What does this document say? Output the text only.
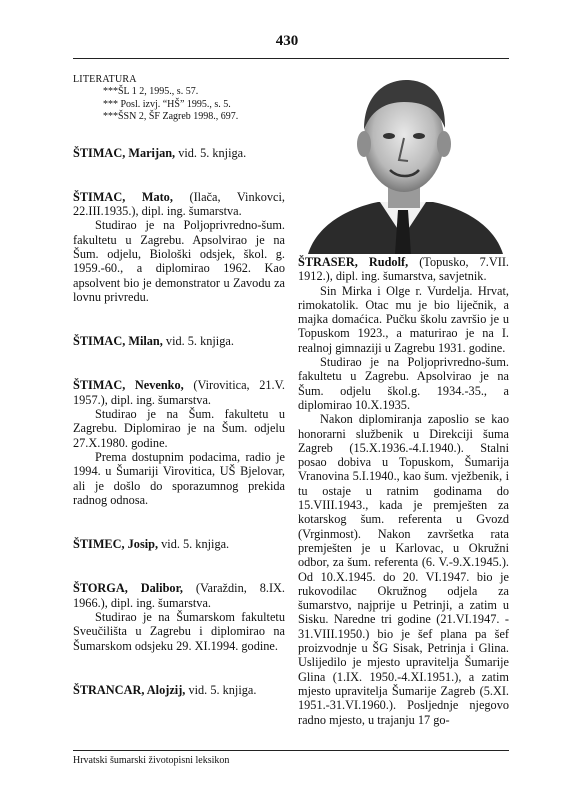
430
LITERATURA
***ŠL 1 2, 1995., s. 57.
*** Posl. izvj. “HŠ” 1995., s. 5.
***ŠSN 2, ŠF Zagreb 1998., 697.

ŠTIMAC, Marijan, vid. 5. knjiga.

ŠTIMAC, Mato, (Ilača, Vinkovci, 22.III.1935.), dipl. ing. šumarstva.

Studirao je na Poljoprivredno-šum. fakultetu u Zagrebu. Apsolvirao je na Šum. odjelu, Biološki odsjek, škol. g. 1959.-60., a diplomirao 1962. Kao apsolvent bio je demonstrator u Zavodu za lovnu privredu.

ŠTIMAC, Milan, vid. 5. knjiga.

ŠTIMAC, Nevenko, (Virovitica, 21.V. 1957.), dipl. ing. šumarstva.

Studirao je na Šum. fakultetu u Zagrebu. Diplomirao je na Šum. odjelu 27.X.1980. godine.

Prema dostupnim podacima, radio je 1994. u Šumariji Virovitica, UŠ Bjelovar, ali je došlo do sporazumnog prekida radnog odnosa.

ŠTIMEC, Josip, vid. 5. knjiga.

ŠTORGA, Dalibor, (Varaždin, 8.IX. 1966.), dipl. ing. šumarstva.

Studirao je na Šumarskom fakultetu Sveučilišta u Zagrebu i diplomirao na Šumarskom odsjeku 29. XI.1994. godine.

ŠTRANCAR, Alojzij, vid. 5. knjiga.

ŠTRASER, Rudolf, (Topusko, 7.VII. 1912.), dipl. ing. šumarstva, savjetnik.

Sin Mirka i Olge r. Vurdelja. Hrvat, rimokatolik. Otac mu je bio liječnik, a majka domaćica. Pučku školu završio je u Topuskom 1923., a maturirao je na I. realnoj gimnaziji u Zagrebu 1931. godine.

Studirao je na Poljoprivredno-šum. fakultetu u Zagrebu. Apsolvirao je na Šum. odjelu škol.g. 1934.-35., a diplomirao 10.X.1935.

Nakon diplomiranja zaposlio se kao honorarni službenik u Direkciji šuma Zagreb (15.X.1936.-4.I.1940.). Stalni posao dobiva u Topuskom, Šumarija Vranovina 5.I.1940., kao šum. vježbenik, i tu ostaje u ratnim godinama do 15.VIII.1943., kada je premješten za kotarskog šum. referenta u Gvozd (Vrginmost). Nakon završetka rata premješten je u Karlovac, u Okružni odbor, za šum. referenta (6. V.-9.X.1945.). Od 10.X.1945. do 20. VI.1947. bio je rukovodilac Okružnog odjela za šumarstvo, najprije u Petrinji, a zatim u Sisku. Naredne tri godine (21.VI.1947. - 31.VIII.1950.) bio je šef plana pa šef proizvodnje u ŠG Sisak, Petrinja i Glina. Uslijedilo je mjesto upravitelja Šumarije Glina (1.IX. 1950.-4.XI.1951.), a zatim mjesto upravitelja Šumarije Zagreb (5.XI. 1951.-31.VI.1960.). Posljednje njegovo radno mjesto, u trajanju 17 go-

Hrvatski šumarski životopisni leksikon
